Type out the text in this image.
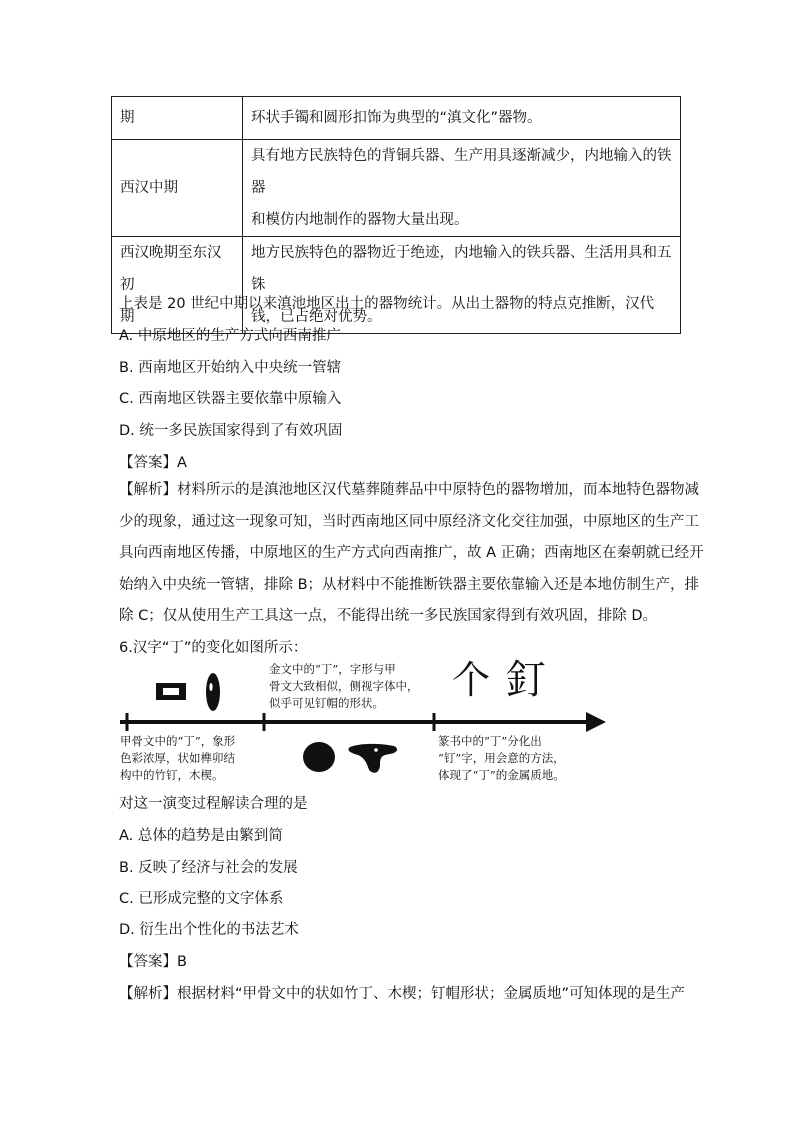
期	环状手镯和圆形扣饰为典型的“滇文化”器物。
西汉中期	具有地方民族特色的背铜兵器、生产用具逐渐减少，内地输入的铁器
和模仿内地制作的器物大量出现。

西汉晚期至东汉初
期	地方民族特色的器物近于绝迹，内地输入的铁兵器、生活用具和五铢
钱，已占绝对优势。
上表是 20 世纪中期以来滇池地区出土的器物统计。从出土器物的特点克推断，汉代
A. 中原地区的生产方式向西南推广
B. 西南地区开始纳入中央统一管辖
C. 西南地区铁器主要依靠中原输入
D. 统一多民族国家得到了有效巩固
【答案】A
【解析】材料所示的是滇池地区汉代墓葬随葬品中中原特色的器物增加，而本地特色器物减
少的现象，通过这一现象可知，当时西南地区同中原经济文化交往加强，中原地区的生产工
具向西南地区传播，中原地区的生产方式向西南推广，故 A 正确；西南地区在秦朝就已经开
始纳入中央统一管辖，排除 B；从材料中不能推断铁器主要依靠输入还是本地仿制生产，排
除 C；仅从使用生产工具这一点，不能得出统一多民族国家得到有效巩固，排除 D。
6.汉字“丁”的变化如图所示：
金文中的“丁”，字形与甲
骨文大致相似，侧视字体中，
似乎可见钉帽的形状。
个 釘
甲骨文中的“丁”，象形
色彩浓厚，状如榫卯结
构中的竹钉，木楔。
篆书中的“丁”分化出
“钉”字，用会意的方法，
体现了“丁”的金属质地。
对这一演变过程解读合理的是
A. 总体的趋势是由繁到简
B. 反映了经济与社会的发展
C. 已形成完整的文字体系
D. 衍生出个性化的书法艺术
【答案】B
【解析】根据材料“甲骨文中的状如竹丁、木楔；钉帽形状；金属质地”可知体现的是生产
